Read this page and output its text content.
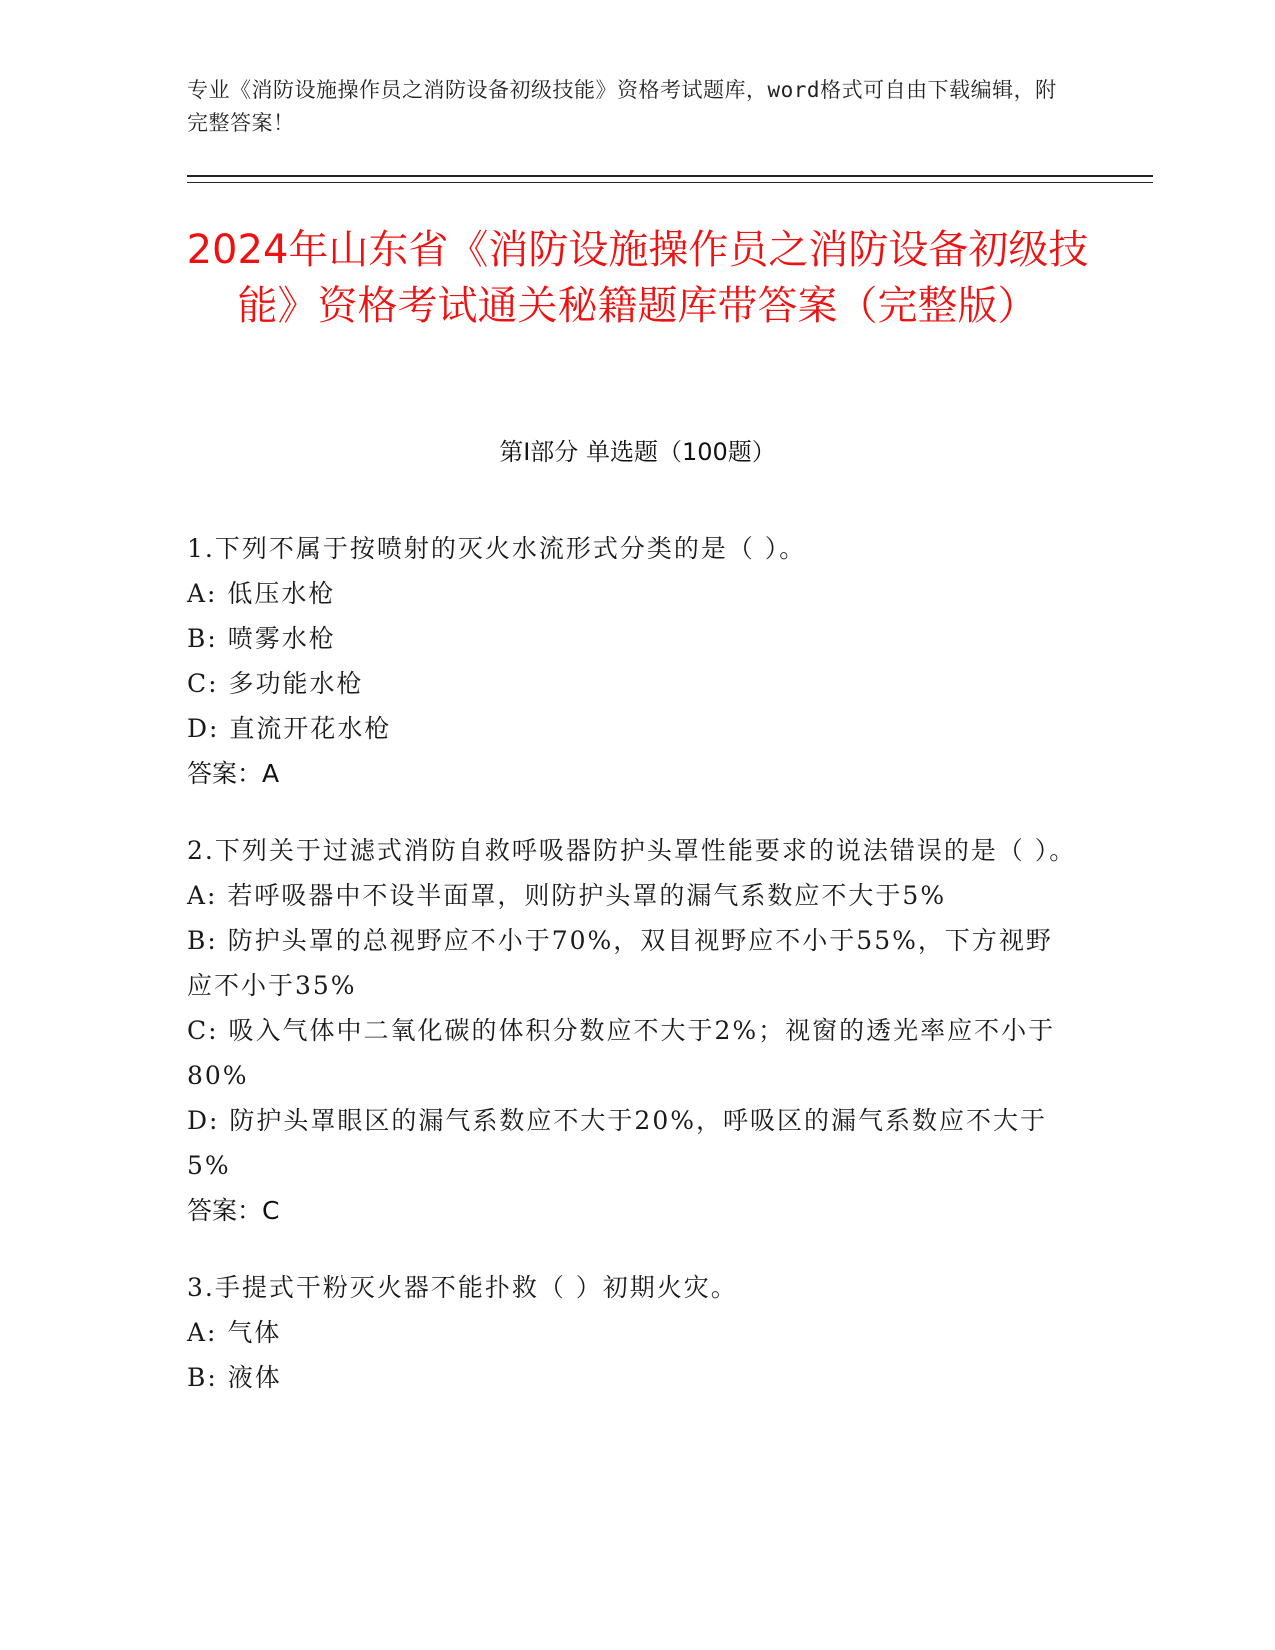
专业《消防设施操作员之消防设备初级技能》资格考试题库，word格式可自由下载编辑，附完整答案！
2024年山东省《消防设施操作员之消防设备初级技能》资格考试通关秘籍题库带答案（完整版）
第Ⅰ部分 单选题（100题）
1.下列不属于按喷射的灭火水流形式分类的是（ ）。
A: 低压水枪
B: 喷雾水枪
C: 多功能水枪
D: 直流开花水枪
答案：A
2.下列关于过滤式消防自救呼吸器防护头罩性能要求的说法错误的是（ ）。
A: 若呼吸器中不设半面罩，则防护头罩的漏气系数应不大于5%
B: 防护头罩的总视野应不小于70%，双目视野应不小于55%，下方视野应不小于35%
C: 吸入气体中二氧化碳的体积分数应不大于2%；视窗的透光率应不小于80%
D: 防护头罩眼区的漏气系数应不大于20%，呼吸区的漏气系数应不大于5%
答案：C
3.手提式干粉灭火器不能扑救（ ）初期火灾。
A: 气体
B: 液体
